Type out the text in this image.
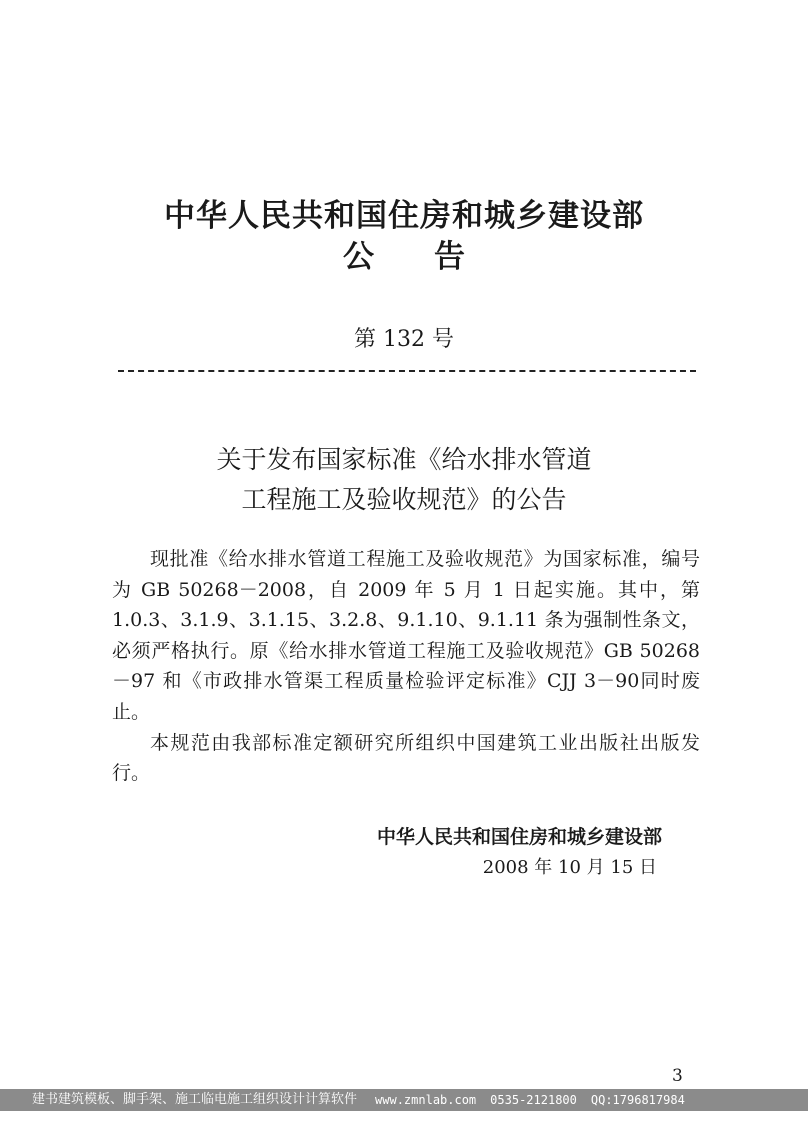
中华人民共和国住房和城乡建设部
公告
第 132 号
关于发布国家标准《给水排水管道
工程施工及验收规范》的公告

现批准《给水排水管道工程施工及验收规范》为国家标准，编号为 GB 50268－2008，自 2009 年 5 月 1 日起实施。其中，第 1.0.3、3.1.9、3.1.15、3.2.8、9.1.10、9.1.11 条为强制性条文，必须严格执行。原《给水排水管道工程施工及验收规范》GB 50268－97 和《市政排水管渠工程质量检验评定标准》CJJ 3－90同时废止。

本规范由我部标准定额研究所组织中国建筑工业出版社出版发行。

中华人民共和国住房和城乡建设部
2008 年 10 月 15 日
3
建书建筑模板、脚手架、施工临电施工组织设计计算软件 www.zmnlab.com 0535-2121800 QQ:1796817984
